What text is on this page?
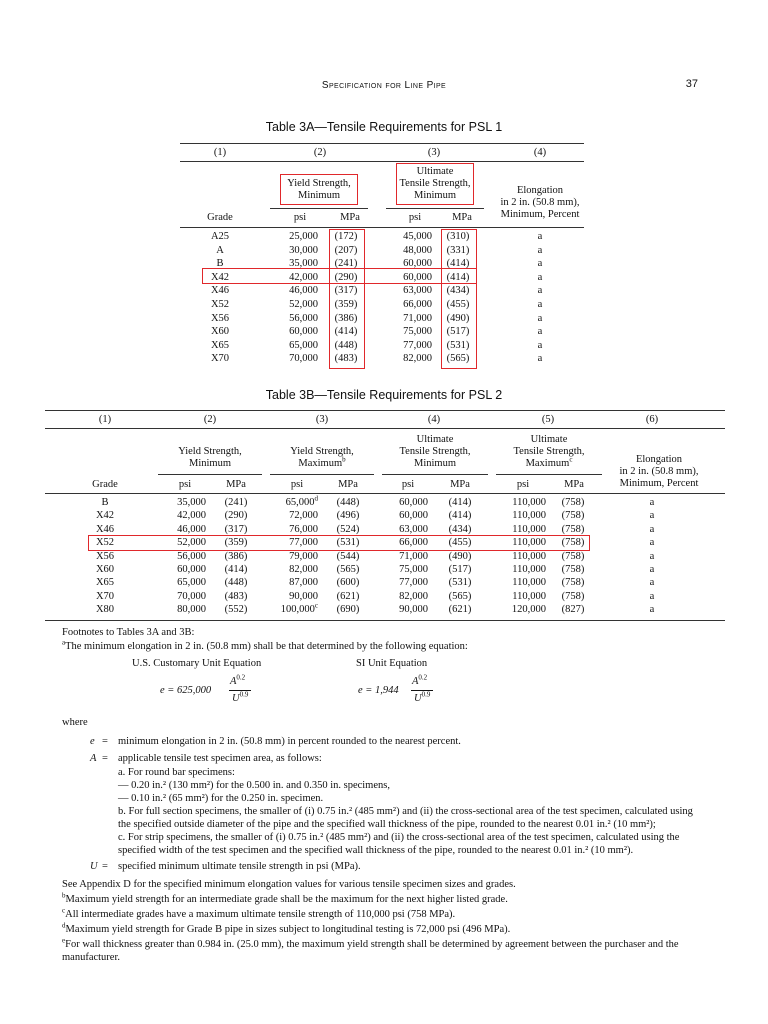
Specification for Line Pipe	37
Table 3A—Tensile Requirements for PSL 1
(1)	(2)	(3)	(4)
Yield Strength,
Minimum
Ultimate
Tensile Strength,
Minimum	Elongation
in 2 in. (50.8 mm),
Minimum, Percent
Grade	psi	MPa	psi	MPa
A25	25,000	(172)	45,000	(310)	a
A	30,000	(207)	48,000	(331)	a
B	35,000	(241)	60,000	(414)	a
X42	42,000	(290)	60,000	(414)	a
X46	46,000	(317)	63,000	(434)	a
X52	52,000	(359)	66,000	(455)	a
X56	56,000	(386)	71,000	(490)	a
X60	60,000	(414)	75,000	(517)	a
X65	65,000	(448)	77,000	(531)	a
X70	70,000	(483)	82,000	(565)	a
Table 3B—Tensile Requirements for PSL 2
(1)	(2)	(3)	(4)	(5)	(6)
Yield Strength,
Minimum
Yield Strength,
Maximum$^b$
Ultimate
Tensile Strength,
Minimum
Ultimate
Tensile Strength,
Maximum$^c$	Elongation
in 2 in. (50.8 mm),
Minimum, Percent
Grade	psi	MPa	psi	MPa	psi	MPa	psi	MPa
B	35,000	(241)	65,000$^d$	(448)	60,000	(414)	110,000	(758)	a
X42	42,000	(290)	72,000	(496)	60,000	(414)	110,000	(758)	a
X46	46,000	(317)	76,000	(524)	63,000	(434)	110,000	(758)	a
X52	52,000	(359)	77,000	(531)	66,000	(455)	110,000	(758)	a
X56	56,000	(386)	79,000	(544)	71,000	(490)	110,000	(758)	a
X60	60,000	(414)	82,000	(565)	75,000	(517)	110,000	(758)	a
X65	65,000	(448)	87,000	(600)	77,000	(531)	110,000	(758)	a
X70	70,000	(483)	90,000	(621)	82,000	(565)	110,000	(758)	a
X80	80,000	(552)	100,000$^c$	(690)	90,000	(621)	120,000	(827)	a
Footnotes to Tables 3A and 3B:
$^a$The minimum elongation in 2 in. (50.8 mm) shall be that determined by the following equation:
U.S. Customary Unit Equation	SI Unit Equation
e = 625,000
$A^{0.2}$
$U^{0.9}$	e = 1,944
$A^{0.2}$
$U^{0.9}$
where
e = minimum elongation in 2 in. (50.8 mm) in percent rounded to the nearest percent.
A = applicable tensile test specimen area, as follows:
a. For round bar specimens:
— 0.20 in.² (130 mm²) for the 0.500 in. and 0.350 in. specimens,
— 0.10 in.² (65 mm²) for the 0.250 in. specimen.
b. For full section specimens, the smaller of (i) 0.75 in.² (485 mm²) and (ii) the cross-sectional area of the test specimen, calculated using the specified outside diameter of the pipe and the specified wall thickness of the pipe, rounded to the nearest 0.01 in.² (10 mm²);
c. For strip specimens, the smaller of (i) 0.75 in.² (485 mm²) and (ii) the cross-sectional area of the test specimen, calculated using the specified width of the test specimen and the specified wall thickness of the pipe, rounded to the nearest 0.01 in.² (10 mm²).
U = specified minimum ultimate tensile strength in psi (MPa).
See Appendix D for the specified minimum elongation values for various tensile specimen sizes and grades.
$^b$Maximum yield strength for an intermediate grade shall be the maximum for the next higher listed grade.
$^c$All intermediate grades have a maximum ultimate tensile strength of 110,000 psi (758 MPa).
$^d$Maximum yield strength for Grade B pipe in sizes subject to longitudinal testing is 72,000 psi (496 MPa).
$^e$For wall thickness greater than 0.984 in. (25.0 mm), the maximum yield strength shall be determined by agreement between the purchaser and the manufacturer.
